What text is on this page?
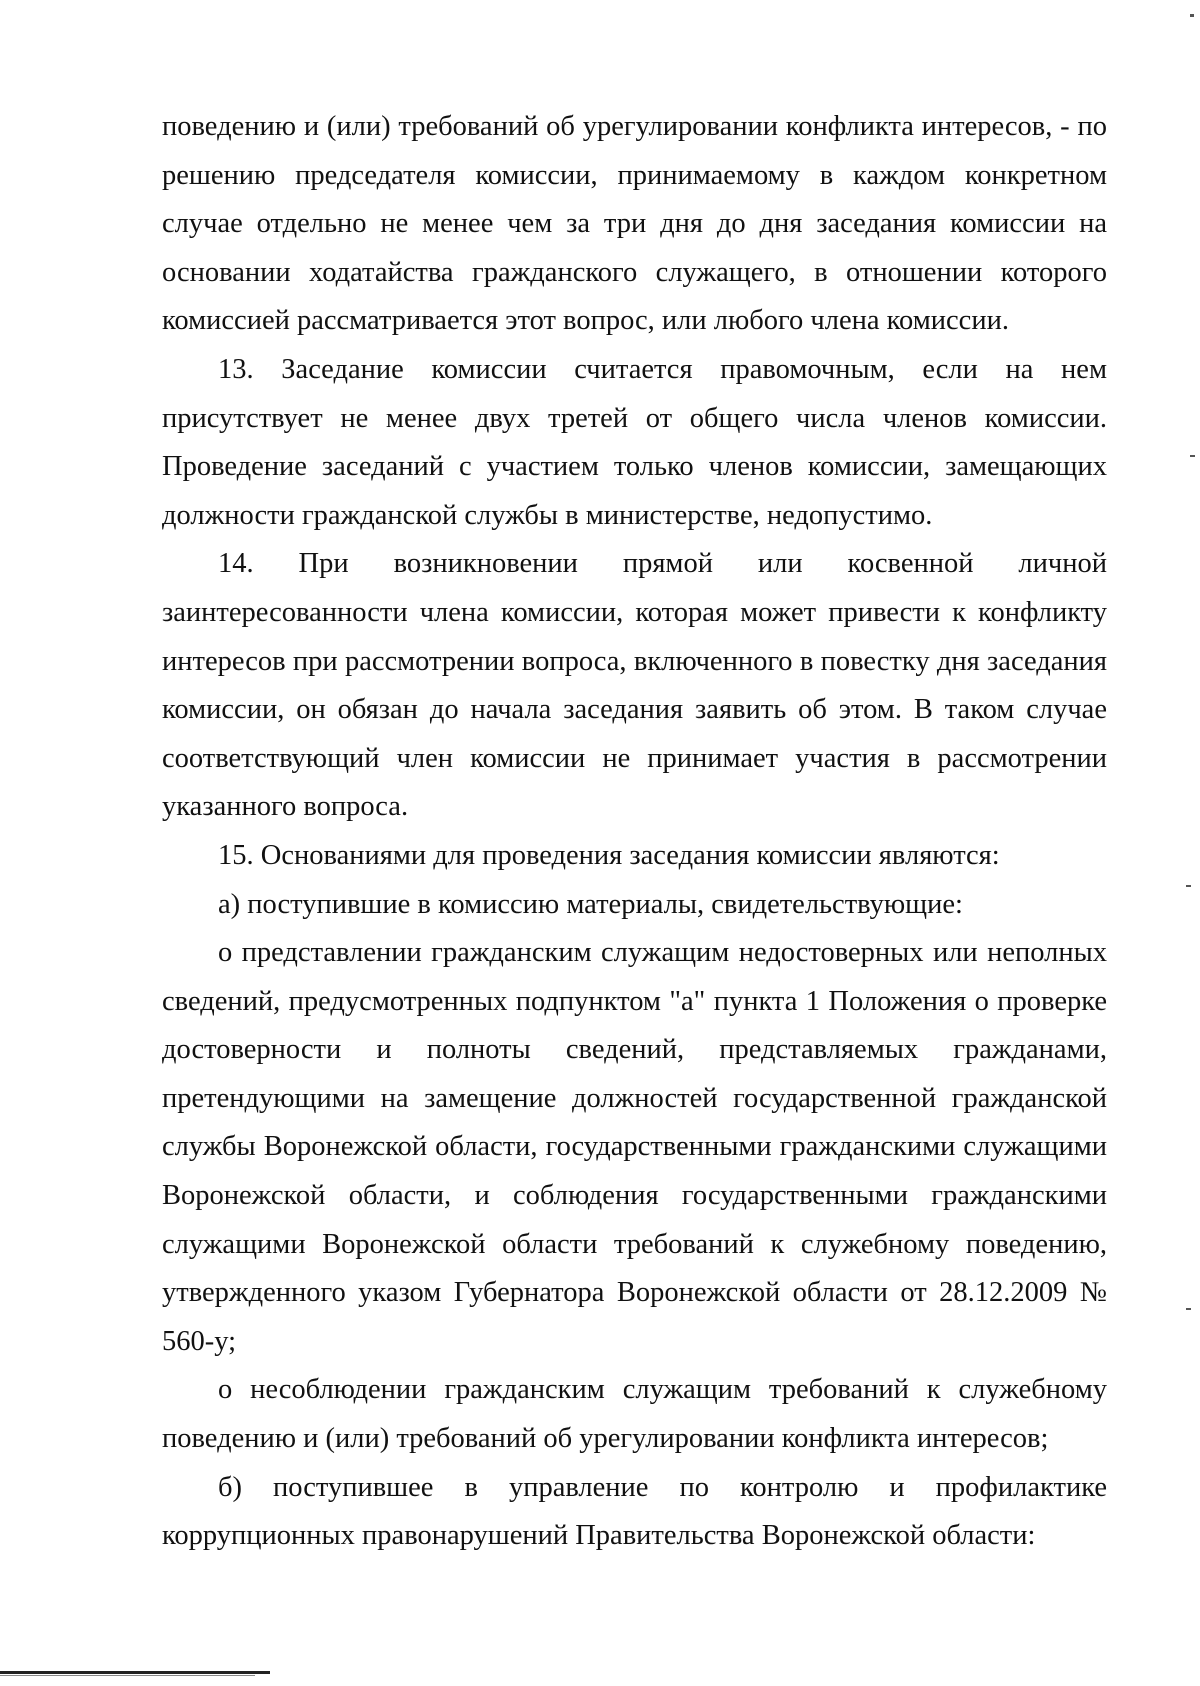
поведению и (или) требований об урегулировании конфликта интересов, - по решению председателя комиссии, принимаемому в каждом конкретном случае отдельно не менее чем за три дня до дня заседания комиссии на основании ходатайства гражданского служащего, в отношении которого комиссией рассматривается этот вопрос, или любого члена комиссии.

13. Заседание комиссии считается правомочным, если на нем присутствует не менее двух третей от общего числа членов комиссии. Проведение заседаний с участием только членов комиссии, замещающих должности гражданской службы в министерстве, недопустимо.

14. При возникновении прямой или косвенной личной заинтересованности члена комиссии, которая может привести к конфликту интересов при рассмотрении вопроса, включенного в повестку дня заседания комиссии, он обязан до начала заседания заявить об этом. В таком случае соответствующий член комиссии не принимает участия в рассмотрении указанного вопроса.

15. Основаниями для проведения заседания комиссии являются:

а) поступившие в комиссию материалы, свидетельствующие:

о представлении гражданским служащим недостоверных или неполных сведений, предусмотренных подпунктом "а" пункта 1 Положения о проверке достоверности и полноты сведений, представляемых гражданами, претендующими на замещение должностей государственной гражданской службы Воронежской области, государственными гражданскими служащими Воронежской области, и соблюдения государственными гражданскими служащими Воронежской области требований к служебному поведению, утвержденного указом Губернатора Воронежской области от 28.12.2009 № 560-у;

о несоблюдении гражданским служащим требований к служебному поведению и (или) требований об урегулировании конфликта интересов;

б) поступившее в управление по контролю и профилактике коррупционных правонарушений Правительства Воронежской области:
